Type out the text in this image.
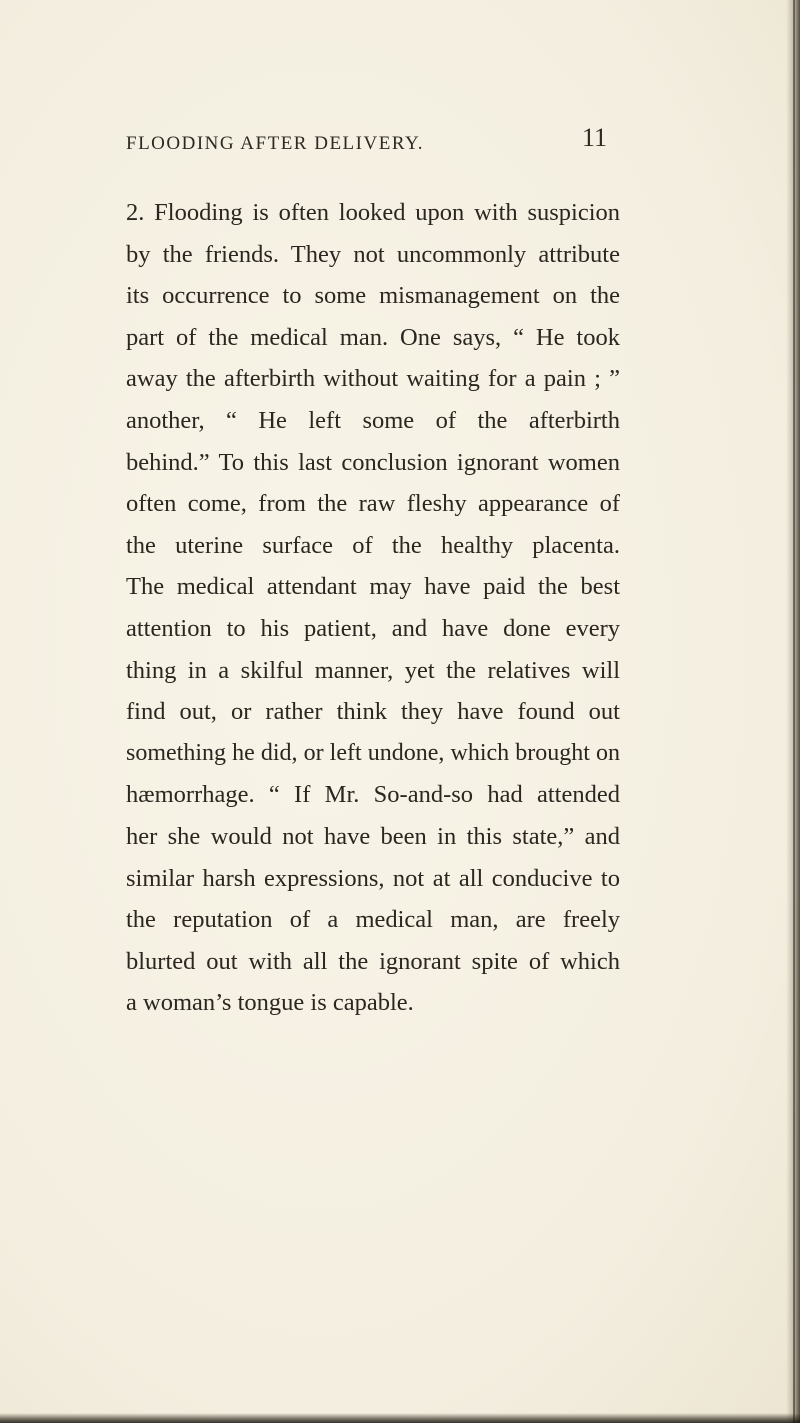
FLOODING AFTER DELIVERY.	11
2. Flooding is often looked upon with suspicion
by the friends. They not uncommonly attribute
its occurrence to some mismanagement on the
part of the medical man. One says, “ He took
away the afterbirth without waiting for a pain ; ”
another, “ He left some of the afterbirth
behind.” To this last conclusion ignorant women
often come, from the raw fleshy appearance of
the uterine surface of the healthy placenta.
The medical attendant may have paid the best
attention to his patient, and have done every
thing in a skilful manner, yet the relatives will
find out, or rather think they have found out
something he did, or left undone, which brought on
hæmorrhage. “ If Mr. So-and-so had attended
her she would not have been in this state,” and
similar harsh expressions, not at all conducive to
the reputation of a medical man, are freely
blurted out with all the ignorant spite of which
a woman’s tongue is capable.
